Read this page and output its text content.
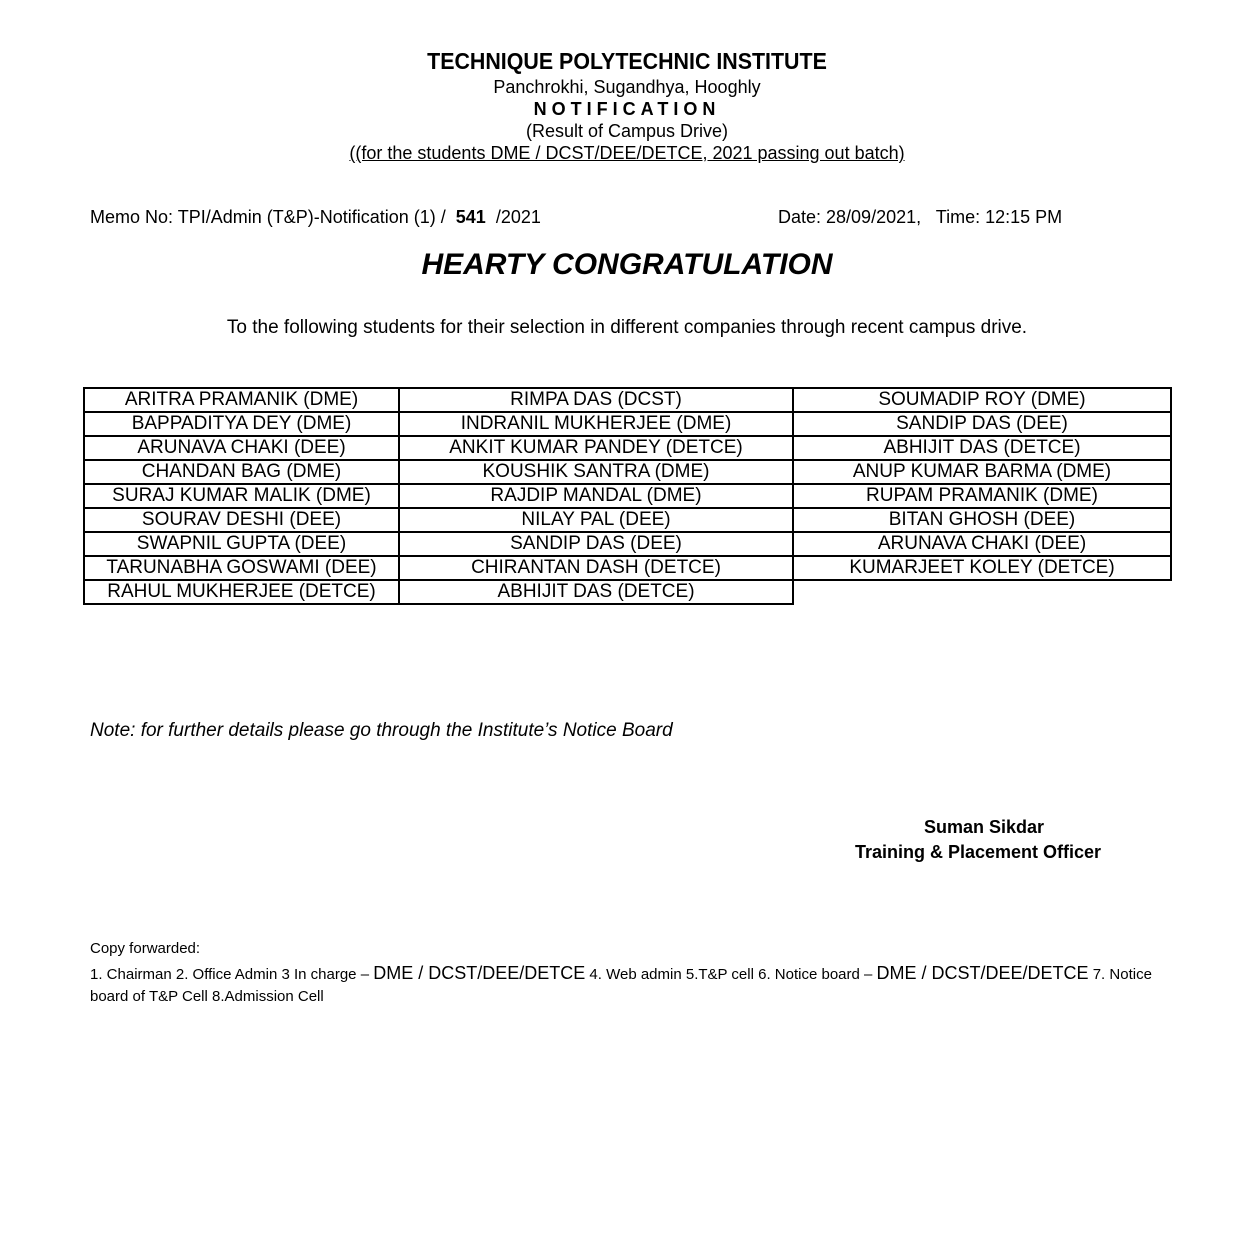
TECHNIQUE POLYTECHNIC INSTITUTE
Panchrokhi, Sugandhya, Hooghly
NOTIFICATION
(Result of Campus Drive)
((for the students DME / DCST/DEE/DETCE, 2021 passing out batch)
Memo No: TPI/Admin (T&P)-Notification (1) /  541  /2021	Date: 28/09/2021,   Time: 12:15 PM
HEARTY CONGRATULATION
To the following students for their selection in different companies through recent campus drive.
ARITRA PRAMANIK (DME)	RIMPA DAS (DCST)	SOUMADIP ROY (DME)
BAPPADITYA DEY (DME)	INDRANIL MUKHERJEE (DME)	SANDIP DAS (DEE)
ARUNAVA CHAKI (DEE)	ANKIT KUMAR PANDEY (DETCE)	ABHIJIT DAS (DETCE)
CHANDAN BAG (DME)	KOUSHIK SANTRA (DME)	ANUP KUMAR BARMA (DME)
SURAJ KUMAR MALIK (DME)	RAJDIP MANDAL (DME)	RUPAM PRAMANIK (DME)
SOURAV DESHI (DEE)	NILAY PAL (DEE)	BITAN GHOSH (DEE)
SWAPNIL GUPTA (DEE)	SANDIP DAS (DEE)	ARUNAVA CHAKI (DEE)
TARUNABHA GOSWAMI (DEE)	CHIRANTAN DASH (DETCE)	KUMARJEET KOLEY (DETCE)
RAHUL MUKHERJEE (DETCE)	ABHIJIT DAS (DETCE)	
Note: for further details please go through the Institute’s Notice Board
Suman Sikdar
Training & Placement Officer
Copy forwarded:
1. Chairman 2. Office Admin 3 In charge – DME / DCST/DEE/DETCE 4. Web admin 5.T&P cell 6. Notice board – DME / DCST/DEE/DETCE 7. Notice board of T&P Cell 8.Admission Cell
